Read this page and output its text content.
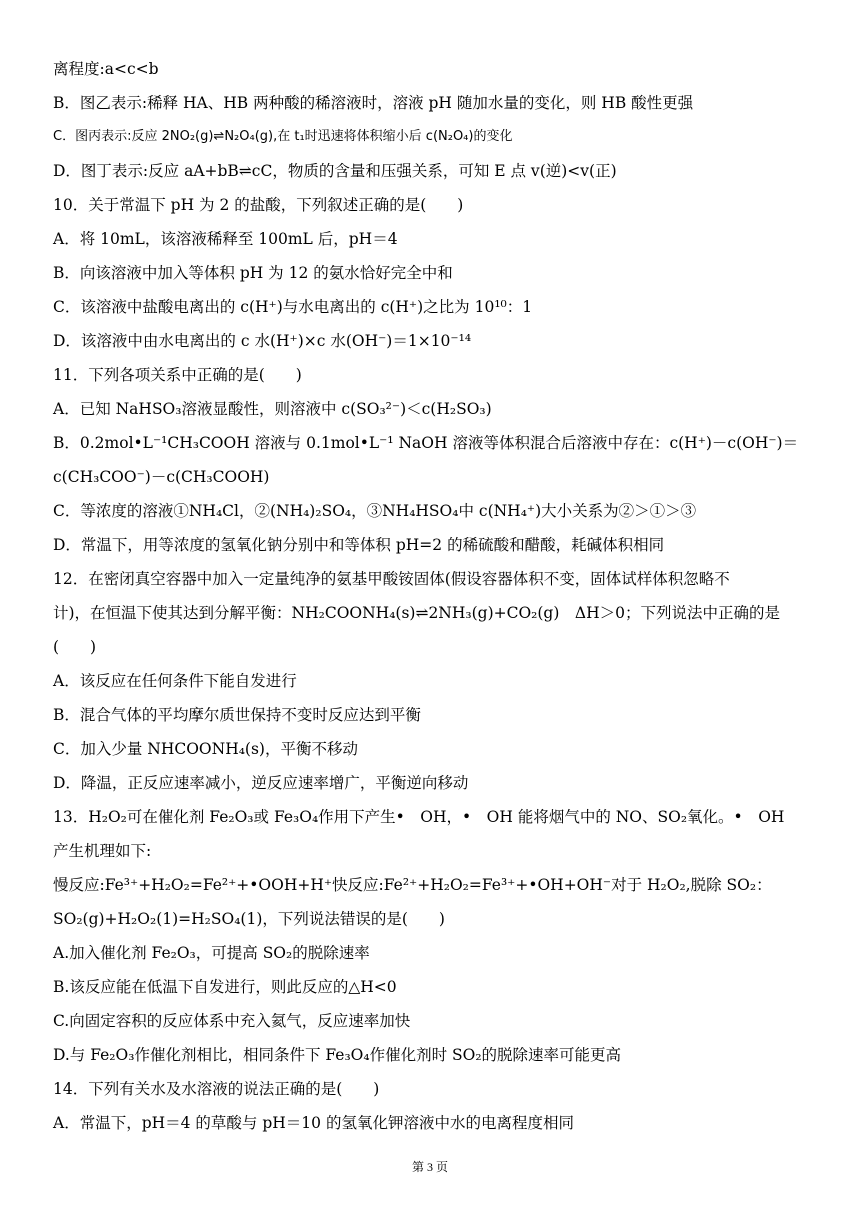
离程度:a<c<b
B．图乙表示:稀释 HA、HB 两种酸的稀溶液时，溶液 pH 随加水量的变化，则 HB 酸性更强
C．图丙表示:反应 2NO₂(g)⇌N₂O₄(g),在 t₁时迅速将体积缩小后 c(N₂O₄)的变化
D．图丁表示:反应 aA+bB⇌cC，物质的含量和压强关系，可知 E 点 v(逆)<v(正)
10．关于常温下 pH 为 2 的盐酸，下列叙述正确的是(　　)
A．将 10mL，该溶液稀释至 100mL 后，pH＝4
B．向该溶液中加入等体积 pH 为 12 的氨水恰好完全中和
C．该溶液中盐酸电离出的 c(H⁺)与水电离出的 c(H⁺)之比为 10¹⁰：1
D．该溶液中由水电离出的 c 水(H⁺)×c 水(OH⁻)＝1×10⁻¹⁴
11．下列各项关系中正确的是(　　)
A．已知 NaHSO₃溶液显酸性，则溶液中 c(SO₃²⁻)＜c(H₂SO₃)
B．0.2mol•L⁻¹CH₃COOH 溶液与 0.1mol•L⁻¹ NaOH 溶液等体积混合后溶液中存在：c(H⁺)－c(OH⁻)＝
c(CH₃COO⁻)－c(CH₃COOH)
C．等浓度的溶液①NH₄Cl，②(NH₄)₂SO₄，③NH₄HSO₄中 c(NH₄⁺)大小关系为②＞①＞③
D．常温下，用等浓度的氢氧化钠分别中和等体积 pH=2 的稀硫酸和醋酸，耗碱体积相同
12．在密闭真空容器中加入一定量纯净的氨基甲酸铵固体(假设容器体积不变，固体试样体积忽略不
计)，在恒温下使其达到分解平衡：NH₂COONH₄(s)⇌2NH₃(g)+CO₂(g)　ΔH＞0；下列说法中正确的是
(　　)
A．该反应在任何条件下能自发进行
B．混合气体的平均摩尔质世保持不变时反应达到平衡
C．加入少量 NHCOONH₄(s)，平衡不移动
D．降温，正反应速率减小，逆反应速率增广，平衡逆向移动
13．H₂O₂可在催化剂 Fe₂O₃或 Fe₃O₄作用下产生•　OH，•　OH 能将烟气中的 NO、SO₂氧化。•　OH
产生机理如下:
慢反应:Fe³⁺+H₂O₂=Fe²⁺+•OOH+H⁺快反应:Fe²⁺+H₂O₂=Fe³⁺+•OH+OH⁻对于 H₂O₂,脱除 SO₂：
SO₂(g)+H₂O₂(1)=H₂SO₄(1)，下列说法错误的是(　　)
A.加入催化剂 Fe₂O₃，可提高 SO₂的脱除速率
B.该反应能在低温下自发进行，则此反应的△H<0
C.向固定容积的反应体系中充入氦气，反应速率加快
D.与 Fe₂O₃作催化剂相比，相同条件下 Fe₃O₄作催化剂时 SO₂的脱除速率可能更高
14．下列有关水及水溶液的说法正确的是(　　)
A．常温下，pH＝4 的草酸与 pH＝10 的氢氧化钾溶液中水的电离程度相同
第 3 页
